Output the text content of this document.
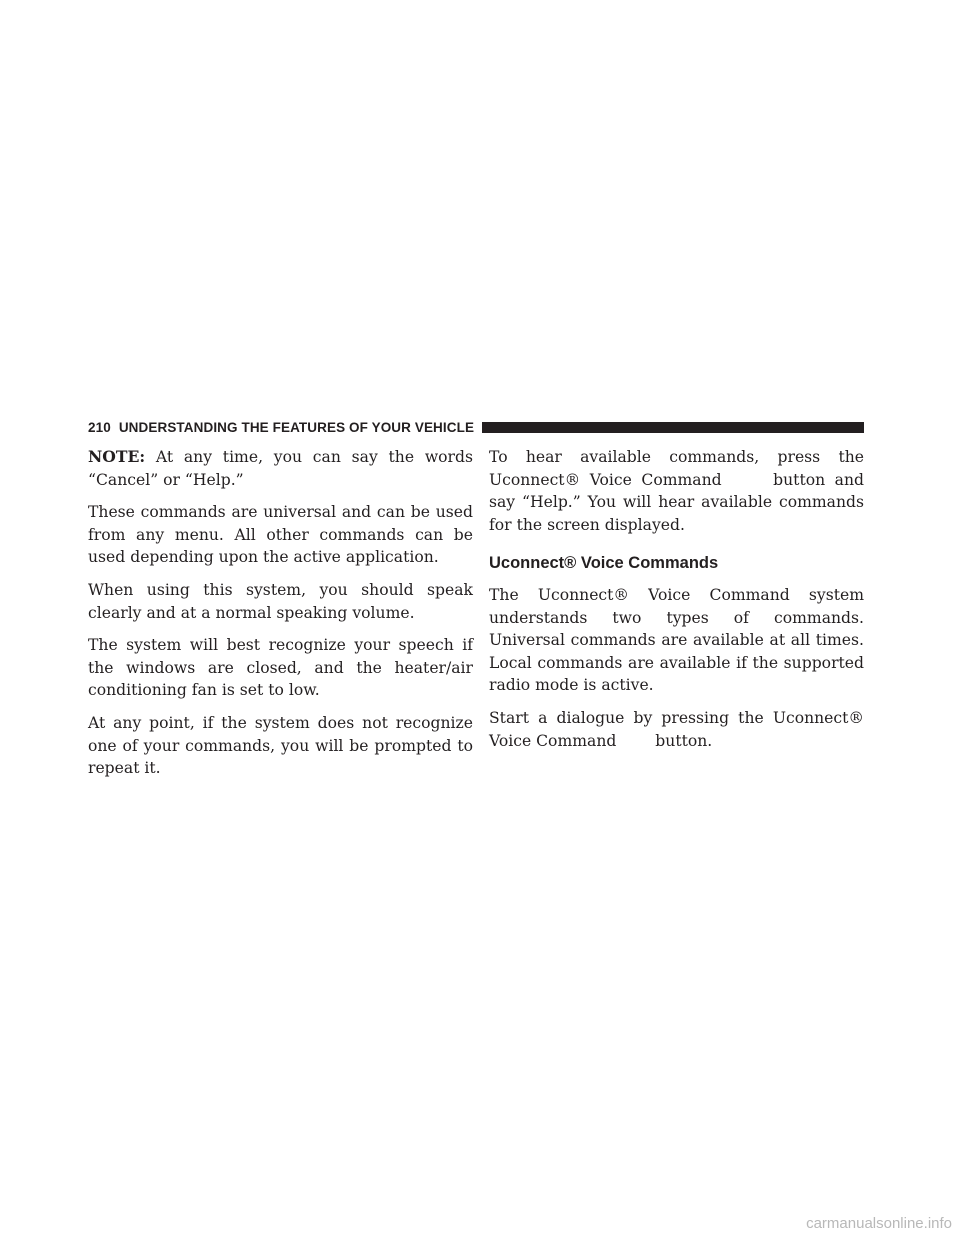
210 UNDERSTANDING THE FEATURES OF YOUR VEHICLE

NOTE: At any time, you can say the words “Cancel” or “Help.”

These commands are universal and can be used from any menu. All other commands can be used depending upon the active application.

When using this system, you should speak clearly and at a normal speaking volume.

The system will best recognize your speech if the windows are closed, and the heater/air conditioning fan is set to low.

At any point, if the system does not recognize one of your commands, you will be prompted to repeat it.

To hear available commands, press the Uconnect® Voice Command	button and say “Help.” You will hear available commands for the screen displayed.

Uconnect® Voice Commands

The Uconnect® Voice Command system understands two types of commands. Universal commands are available at all times. Local commands are available if the supported radio mode is active.

Start a dialogue by pressing the Uconnect® Voice Command button.

carmanualsonline.info
